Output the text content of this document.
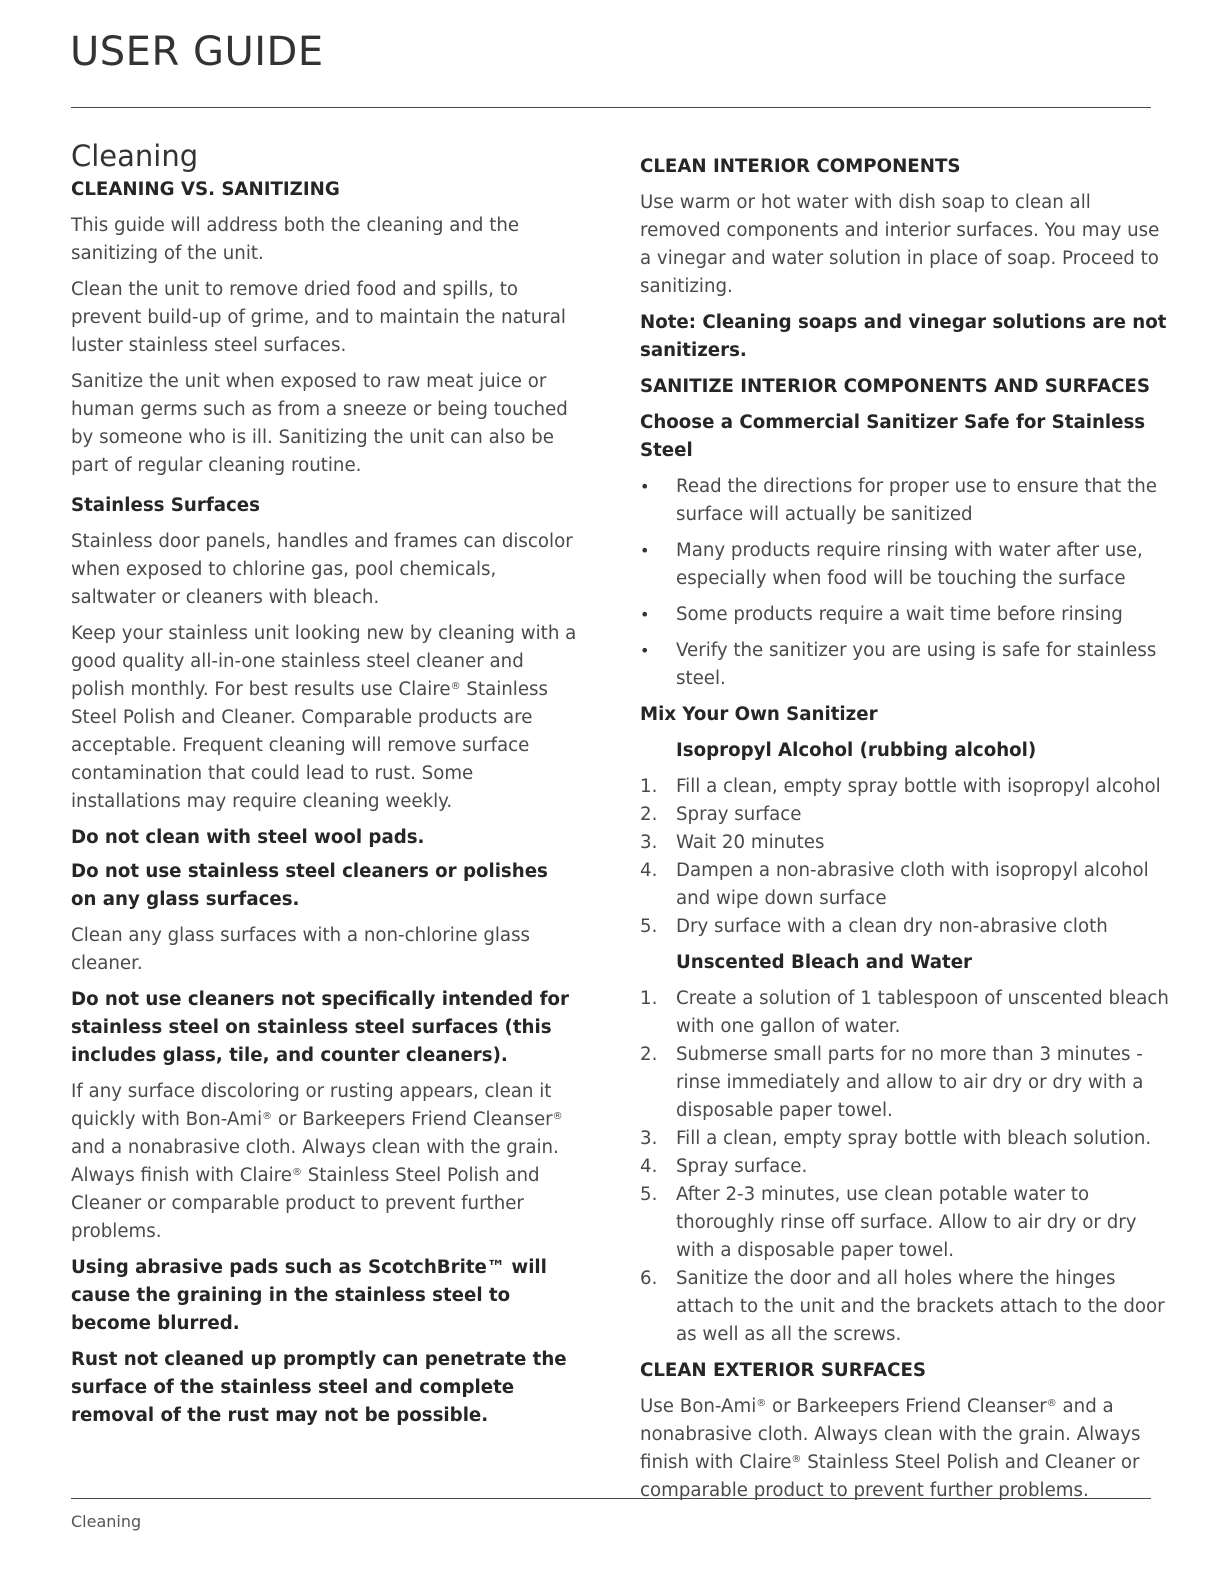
USER GUIDE
Cleaning
CLEANING VS. SANITIZING

This guide will address both the cleaning and the sanitizing of the unit.

Clean the unit to remove dried food and spills, to prevent build-up of grime, and to maintain the natural luster stainless steel surfaces.

Sanitize the unit when exposed to raw meat juice or human germs such as from a sneeze or being touched by someone who is ill. Sanitizing the unit can also be part of regular cleaning routine.

Stainless Surfaces

Stainless door panels, handles and frames can discolor when exposed to chlorine gas, pool chemicals, saltwater or cleaners with bleach.

Keep your stainless unit looking new by cleaning with a good quality all-in-one stainless steel cleaner and polish monthly. For best results use Claire® Stainless Steel Polish and Cleaner. Comparable products are acceptable. Frequent cleaning will remove surface contamination that could lead to rust. Some installations may require cleaning weekly.

Do not clean with steel wool pads.

Do not use stainless steel cleaners or polishes on any glass surfaces.

Clean any glass surfaces with a non-chlorine glass cleaner.

Do not use cleaners not specifically intended for stainless steel on stainless steel surfaces (this includes glass, tile, and counter cleaners).

If any surface discoloring or rusting appears, clean it quickly with Bon-Ami® or Barkeepers Friend Cleanser® and a nonabrasive cloth. Always clean with the grain. Always finish with Claire® Stainless Steel Polish and Cleaner or comparable product to prevent further problems.

Using abrasive pads such as ScotchBrite™ will cause the graining in the stainless steel to become blurred.

Rust not cleaned up promptly can penetrate the surface of the stainless steel and complete removal of the rust may not be possible.

CLEAN INTERIOR COMPONENTS

Use warm or hot water with dish soap to clean all removed components and interior surfaces. You may use a vinegar and water solution in place of soap. Proceed to sanitizing.

Note: Cleaning soaps and vinegar solutions are not sanitizers.

SANITIZE INTERIOR COMPONENTS AND SURFACES
Choose a Commercial Sanitizer Safe for Stainless Steel
• Read the directions for proper use to ensure that the surface will actually be sanitized
• Many products require rinsing with water after use, especially when food will be touching the surface
• Some products require a wait time before rinsing
• Verify the sanitizer you are using is safe for stainless steel.
Mix Your Own Sanitizer
Isopropyl Alcohol (rubbing alcohol)
1. Fill a clean, empty spray bottle with isopropyl alcohol
2. Spray surface
3. Wait 20 minutes
4. Dampen a non-abrasive cloth with isopropyl alcohol and wipe down surface
5. Dry surface with a clean dry non-abrasive cloth
Unscented Bleach and Water
1. Create a solution of 1 tablespoon of unscented bleach with one gallon of water.
2. Submerse small parts for no more than 3 minutes - rinse immediately and allow to air dry or dry with a disposable paper towel.
3. Fill a clean, empty spray bottle with bleach solution.
4. Spray surface.
5. After 2-3 minutes, use clean potable water to thoroughly rinse off surface. Allow to air dry or dry with a disposable paper towel.
6. Sanitize the door and all holes where the hinges attach to the unit and the brackets attach to the door as well as all the screws.
CLEAN EXTERIOR SURFACES

Use Bon-Ami® or Barkeepers Friend Cleanser® and a nonabrasive cloth. Always clean with the grain. Always finish with Claire® Stainless Steel Polish and Cleaner or comparable product to prevent further problems.

Cleaning
